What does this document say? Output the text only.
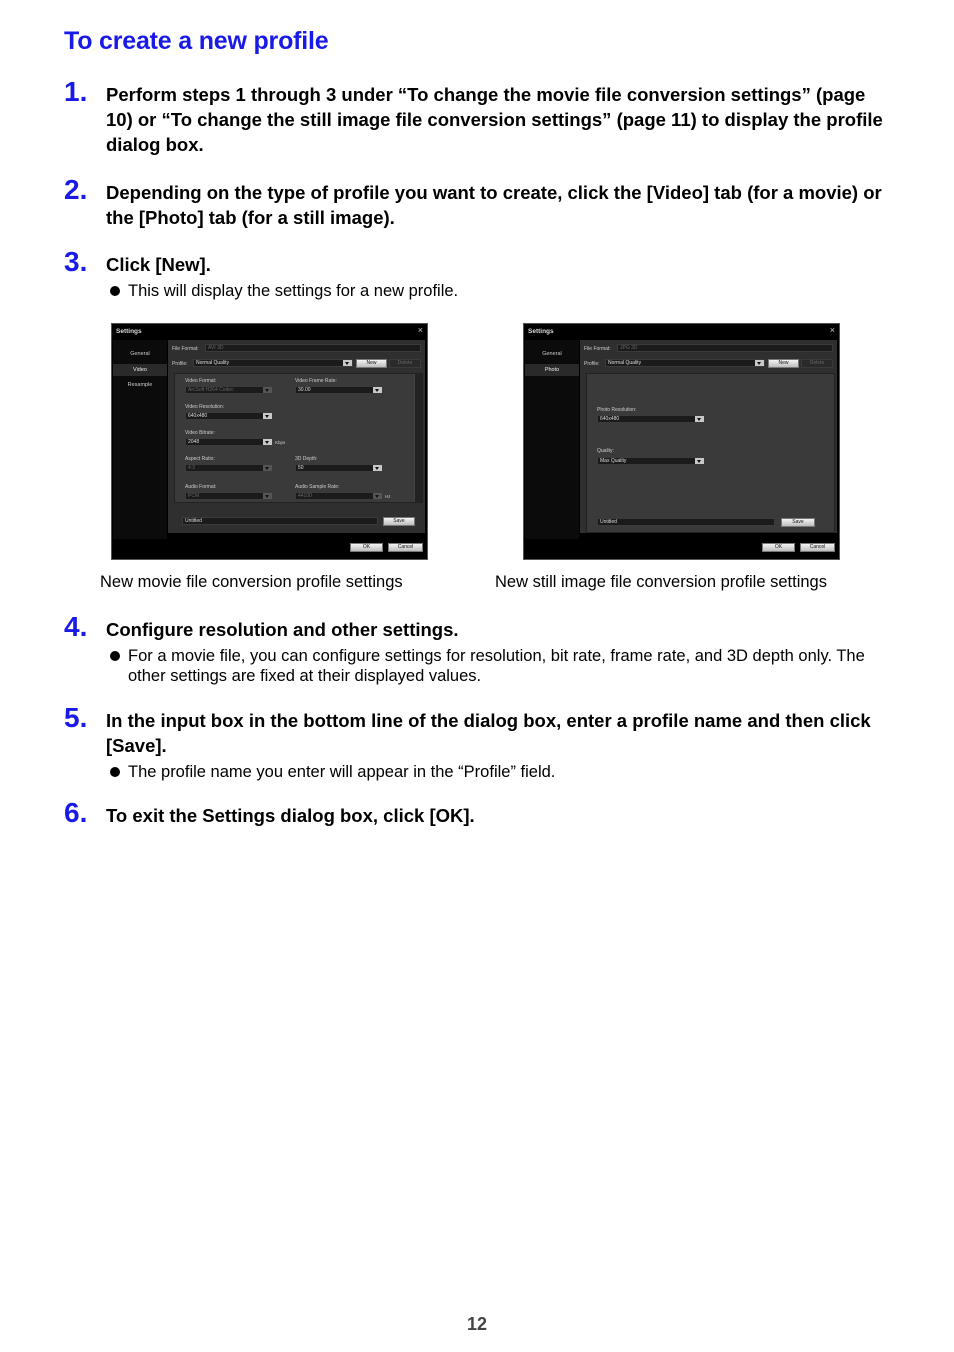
To create a new profile
1. Perform steps 1 through 3 under “To change the movie file conversion settings” (page 10) or “To change the still image file conversion settings” (page 11) to display the profile dialog box.
2. Depending on the type of profile you want to create, click the [Video] tab (for a movie) or the [Photo] tab (for a still image).
3. Click [New].
This will display the settings for a new profile.
Settings	×
General
Video
Resample
File Format:	AVI 3D
Profile:	Normal Quality	New	Delete
Video Format:
ArcSoft H264 Codec
Video Frame Rate:
30.00
Video Resolution:
640x480
Video Bitrate:
2048	Kbps
Aspect Ratio:
4:3
3D Depth:
50
Audio Format:
PCM
Audio Sample Rate:
44100	Hz
Untitled	Save
OK	Cancel
Settings	×
General
Photo
File Format:	JPG 3D
Profile:	Normal Quality	New	Delete
Photo Resolution:
640x480
Quality:
Max Quality
Untitled	Save
OK	Cancel
New movie file conversion profile settings	New still image file conversion profile settings
4. Configure resolution and other settings.
For a movie file, you can configure settings for resolution, bit rate, frame rate, and 3D depth only. The other settings are fixed at their displayed values.
5. In the input box in the bottom line of the dialog box, enter a profile name and then click [Save].
The profile name you enter will appear in the “Profile” field.
6. To exit the Settings dialog box, click [OK].
12
